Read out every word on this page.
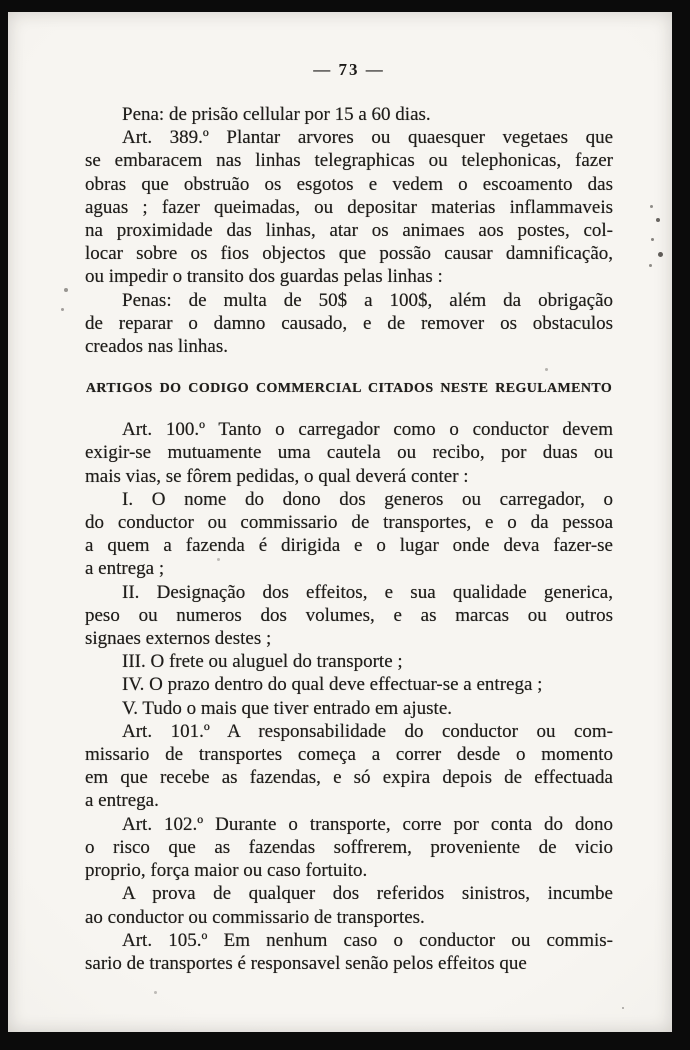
— 73 —
Pena: de prisão cellular por 15 a 60 dias.
Art. 389.º Plantar arvores ou quaesquer vegetaes que
se embaracem nas linhas telegraphicas ou telephonicas, fazer
obras que obstruão os esgotos e vedem o escoamento das
aguas ; fazer queimadas, ou depositar materias inflammaveis
na proximidade das linhas, atar os animaes aos postes, col-
locar sobre os fios objectos que possão causar damnificação,
ou impedir o transito dos guardas pelas linhas :
Penas: de multa de 50$ a 100$, além da obrigação
de reparar o damno causado, e de remover os obstaculos
creados nas linhas.
ARTIGOS DO CODIGO COMMERCIAL CITADOS NESTE REGULAMENTO
Art. 100.º Tanto o carregador como o conductor devem
exigir-se mutuamente uma cautela ou recibo, por duas ou
mais vias, se fôrem pedidas, o qual deverá conter :
I. O nome do dono dos generos ou carregador, o
do conductor ou commissario de transportes, e o da pessoa
a quem a fazenda é dirigida e o lugar onde deva fazer-se
a entrega ;
II. Designação dos effeitos, e sua qualidade generica,
peso ou numeros dos volumes, e as marcas ou outros
signaes externos destes ;
III. O frete ou aluguel do transporte ;
IV. O prazo dentro do qual deve effectuar-se a entrega ;
V. Tudo o mais que tiver entrado em ajuste.
Art. 101.º A responsabilidade do conductor ou com-
missario de transportes começa a correr desde o momento
em que recebe as fazendas, e só expira depois de effectuada
a entrega.
Art. 102.º Durante o transporte, corre por conta do dono
o risco que as fazendas soffrerem, proveniente de vicio
proprio, força maior ou caso fortuito.
A prova de qualquer dos referidos sinistros, incumbe
ao conductor ou commissario de transportes.
Art. 105.º Em nenhum caso o conductor ou commis-
sario de transportes é responsavel senão pelos effeitos que
